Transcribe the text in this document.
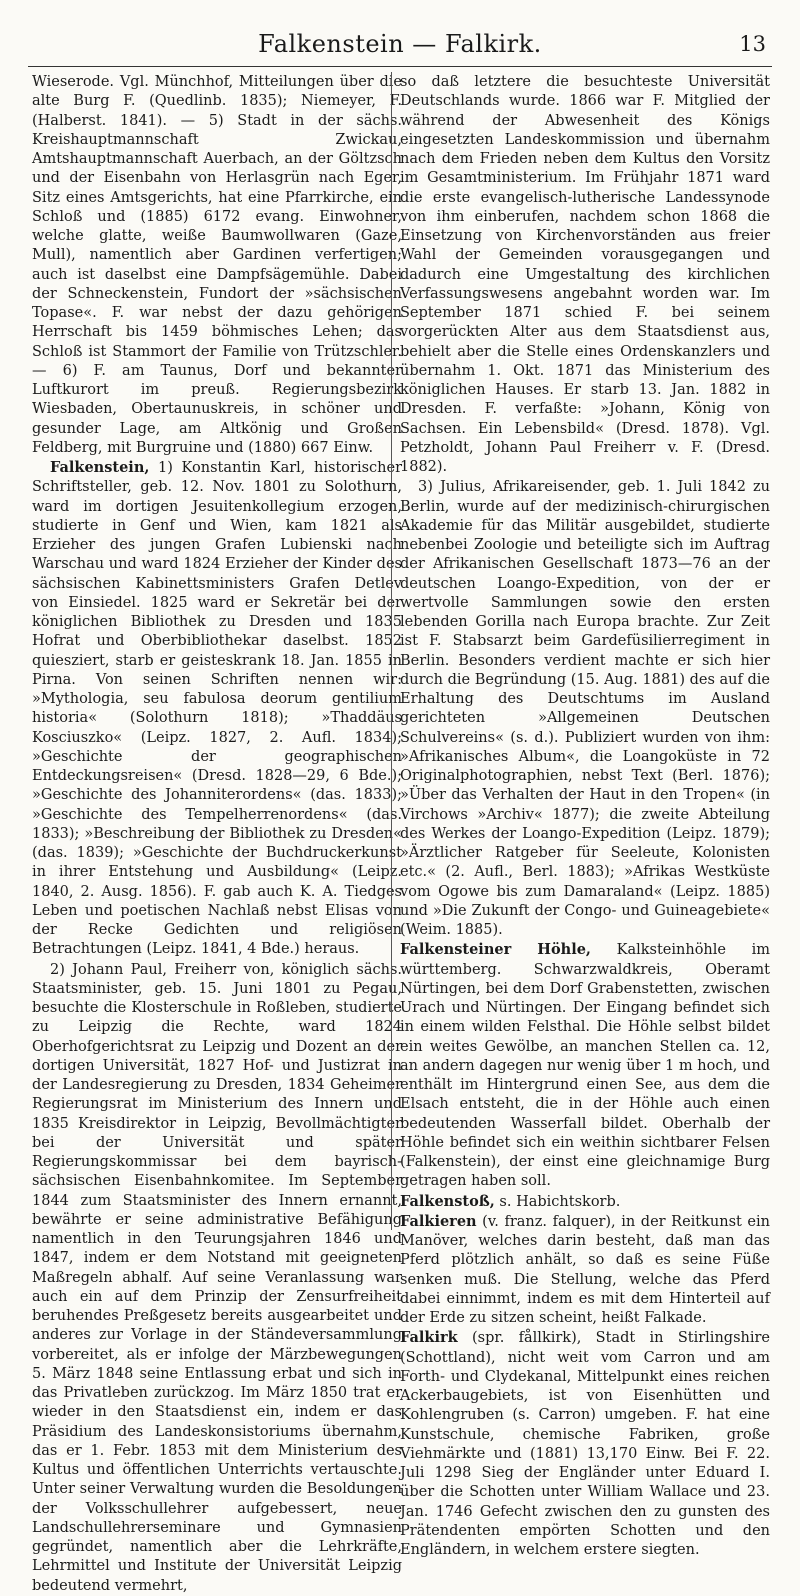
Falkenstein — Falkirk.	13

Wieserode. Vgl. Münchhof, Mitteilungen über die alte Burg F. (Quedlinb. 1835); Niemeyer, F. (Halberst. 1841). — 5) Stadt in der sächs. Kreishauptmannschaft Zwickau, Amtshauptmannschaft Auerbach, an der Göltzsch und der Eisenbahn von Herlasgrün nach Eger, Sitz eines Amtsgerichts, hat eine Pfarrkirche, ein Schloß und (1885) 6172 evang. Einwohner, welche glatte, weiße Baumwollwaren (Gaze, Mull), namentlich aber Gardinen verfertigen; auch ist daselbst eine Dampfsägemühle. Dabei der Schneckenstein, Fundort der »sächsischen Topase«. F. war nebst der dazu gehörigen Herrschaft bis 1459 böhmisches Lehen; das Schloß ist Stammort der Familie von Trützschler. — 6) F. am Taunus, Dorf und bekannter Luftkurort im preuß. Regierungsbezirk Wiesbaden, Obertaunuskreis, in schöner und gesunder Lage, am Altkönig und Großen Feldberg, mit Burgruine und (1880) 667 Einw.

Falkenstein, 1) Konstantin Karl, historischer Schriftsteller, geb. 12. Nov. 1801 zu Solothurn, ward im dortigen Jesuitenkollegium erzogen, studierte in Genf und Wien, kam 1821 als Erzieher des jungen Grafen Lubienski nach Warschau und ward 1824 Erzieher der Kinder des sächsischen Kabinettsministers Grafen Detlev von Einsiedel. 1825 ward er Sekretär bei der königlichen Bibliothek zu Dresden und 1835 Hofrat und Oberbibliothekar daselbst. 1852 quiesziert, starb er geisteskrank 18. Jan. 1855 in Pirna. Von seinen Schriften nennen wir: »Mythologia, seu fabulosa deorum gentilium historia« (Solothurn 1818); »Thaddäus Kosciuszko« (Leipz. 1827, 2. Aufl. 1834); »Geschichte der geographischen Entdeckungsreisen« (Dresd. 1828—29, 6 Bde.); »Geschichte des Johanniterordens« (das. 1833); »Geschichte des Tempelherrenordens« (das. 1833); »Beschreibung der Bibliothek zu Dresden« (das. 1839); »Geschichte der Buchdruckerkunst in ihrer Entstehung und Ausbildung« (Leipz. 1840, 2. Ausg. 1856). F. gab auch K. A. Tiedges Leben und poetischen Nachlaß nebst Elisas von der Recke Gedichten und religiösen Betrachtungen (Leipz. 1841, 4 Bde.) heraus.

2) Johann Paul, Freiherr von, königlich sächs. Staatsminister, geb. 15. Juni 1801 zu Pegau, besuchte die Klosterschule in Roßleben, studierte zu Leipzig die Rechte, ward 1824 Oberhofgerichtsrat zu Leipzig und Dozent an der dortigen Universität, 1827 Hof- und Justizrat in der Landesregierung zu Dresden, 1834 Geheimer Regierungsrat im Ministerium des Innern und 1835 Kreisdirektor in Leipzig, Bevollmächtigter bei der Universität und später Regierungskommissar bei dem bayrisch-sächsischen Eisenbahnkomitee. Im September 1844 zum Staatsminister des Innern ernannt, bewährte er seine administrative Befähigung namentlich in den Teurungsjahren 1846 und 1847, indem er dem Notstand mit geeigneten Maßregeln abhalf. Auf seine Veranlassung war auch ein auf dem Prinzip der Zensurfreiheit beruhendes Preßgesetz bereits ausgearbeitet und anderes zur Vorlage in der Ständeversammlung vorbereitet, als er infolge der Märzbewegungen 5. März 1848 seine Entlassung erbat und sich in das Privatleben zurückzog. Im März 1850 trat er wieder in den Staatsdienst ein, indem er das Präsidium des Landeskonsistoriums übernahm, das er 1. Febr. 1853 mit dem Ministerium des Kultus und öffentlichen Unterrichts vertauschte. Unter seiner Verwaltung wurden die Besoldungen der Volksschullehrer aufgebessert, neue Landschullehrerseminare und Gymnasien gegründet, namentlich aber die Lehrkräfte, Lehrmittel und Institute der Universität Leipzig bedeutend vermehrt,

so daß letztere die besuchteste Universität Deutschlands wurde. 1866 war F. Mitglied der während der Abwesenheit des Königs eingesetzten Landeskommission und übernahm nach dem Frieden neben dem Kultus den Vorsitz im Gesamtministerium. Im Frühjahr 1871 ward die erste evangelisch-lutherische Landessynode von ihm einberufen, nachdem schon 1868 die Einsetzung von Kirchenvorständen aus freier Wahl der Gemeinden vorausgegangen und dadurch eine Umgestaltung des kirchlichen Verfassungswesens angebahnt worden war. Im September 1871 schied F. bei seinem vorgerückten Alter aus dem Staatsdienst aus, behielt aber die Stelle eines Ordenskanzlers und übernahm 1. Okt. 1871 das Ministerium des königlichen Hauses. Er starb 13. Jan. 1882 in Dresden. F. verfaßte: »Johann, König von Sachsen. Ein Lebensbild« (Dresd. 1878). Vgl. Petzholdt, Johann Paul Freiherr v. F. (Dresd. 1882).

3) Julius, Afrikareisender, geb. 1. Juli 1842 zu Berlin, wurde auf der medizinisch-chirurgischen Akademie für das Militär ausgebildet, studierte nebenbei Zoologie und beteiligte sich im Auftrag der Afrikanischen Gesellschaft 1873—76 an der deutschen Loango-Expedition, von der er wertvolle Sammlungen sowie den ersten lebenden Gorilla nach Europa brachte. Zur Zeit ist F. Stabsarzt beim Gardefüsilierregiment in Berlin. Besonders verdient machte er sich hier durch die Begründung (15. Aug. 1881) des auf die Erhaltung des Deutschtums im Ausland gerichteten »Allgemeinen Deutschen Schulvereins« (s. d.). Publiziert wurden von ihm: »Afrikanisches Album«, die Loangoküste in 72 Originalphotographien, nebst Text (Berl. 1876); »Über das Verhalten der Haut in den Tropen« (in Virchows »Archiv« 1877); die zweite Abteilung des Werkes der Loango-Expedition (Leipz. 1879); »Ärztlicher Ratgeber für Seeleute, Kolonisten etc.« (2. Aufl., Berl. 1883); »Afrikas Westküste vom Ogowe bis zum Damaraland« (Leipz. 1885) und »Die Zukunft der Congo- und Guineagebiete« (Weim. 1885).

Falkensteiner Höhle, Kalksteinhöhle im württemberg. Schwarzwaldkreis, Oberamt Nürtingen, bei dem Dorf Grabenstetten, zwischen Urach und Nürtingen. Der Eingang befindet sich in einem wilden Felsthal. Die Höhle selbst bildet ein weites Gewölbe, an manchen Stellen ca. 12, an andern dagegen nur wenig über 1 m hoch, und enthält im Hintergrund einen See, aus dem die Elsach entsteht, die in der Höhle auch einen bedeutenden Wasserfall bildet. Oberhalb der Höhle befindet sich ein weithin sichtbarer Felsen (Falkenstein), der einst eine gleichnamige Burg getragen haben soll.

Falkenstoß, s. Habichtskorb.

Falkieren (v. franz. falquer), in der Reitkunst ein Manöver, welches darin besteht, daß man das Pferd plötzlich anhält, so daß es seine Füße senken muß. Die Stellung, welche das Pferd dabei einnimmt, indem es mit dem Hinterteil auf der Erde zu sitzen scheint, heißt Falkade.

Falkirk (spr. fållkirk), Stadt in Stirlingshire (Schottland), nicht weit vom Carron und am Forth- und Clydekanal, Mittelpunkt eines reichen Ackerbaugebiets, ist von Eisenhütten und Kohlengruben (s. Carron) umgeben. F. hat eine Kunstschule, chemische Fabriken, große Viehmärkte und (1881) 13,170 Einw. Bei F. 22. Juli 1298 Sieg der Engländer unter Eduard I. über die Schotten unter William Wallace und 23. Jan. 1746 Gefecht zwischen den zu gunsten des Prätendenten empörten Schotten und den Engländern, in welchem erstere siegten.
